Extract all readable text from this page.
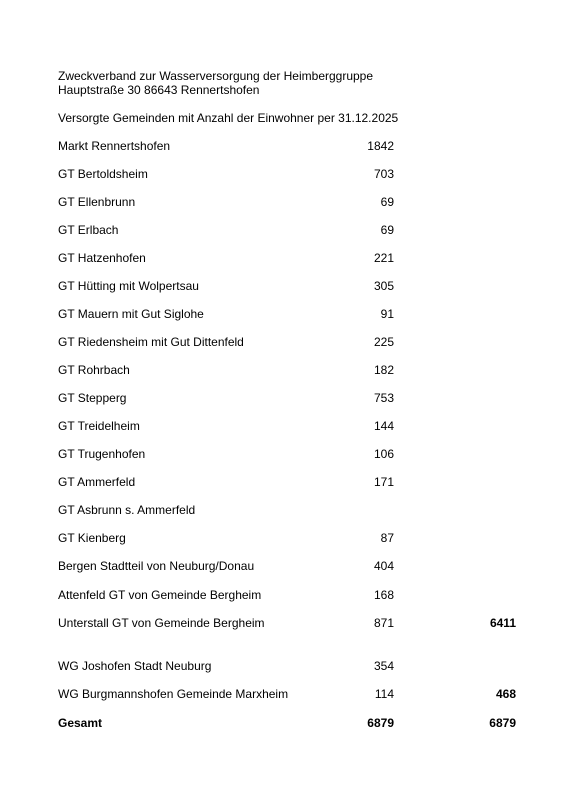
Zweckverband zur Wasserversorgung der Heimberggruppe
Hauptstraße 30 86643 Rennertshofen
Versorgte Gemeinden mit Anzahl der Einwohner per 31.12.2025
Markt Rennertshofen	1842
GT Bertoldsheim	703
GT Ellenbrunn	69
GT Erlbach	69
GT Hatzenhofen	221
GT Hütting mit Wolpertsau	305
GT Mauern mit Gut Siglohe	91
GT Riedensheim mit Gut Dittenfeld	225
GT Rohrbach	182
GT Stepperg	753
GT Treidelheim	144
GT Trugenhofen	106
GT Ammerfeld	171
GT Asbrunn s. Ammerfeld
GT Kienberg	87
Bergen Stadtteil von Neuburg/Donau	404
Attenfeld GT von Gemeinde Bergheim	168
Unterstall GT von Gemeinde Bergheim	871	6411
WG Joshofen Stadt Neuburg	354
WG Burgmannshofen Gemeinde Marxheim	114	468
Gesamt	6879	6879
